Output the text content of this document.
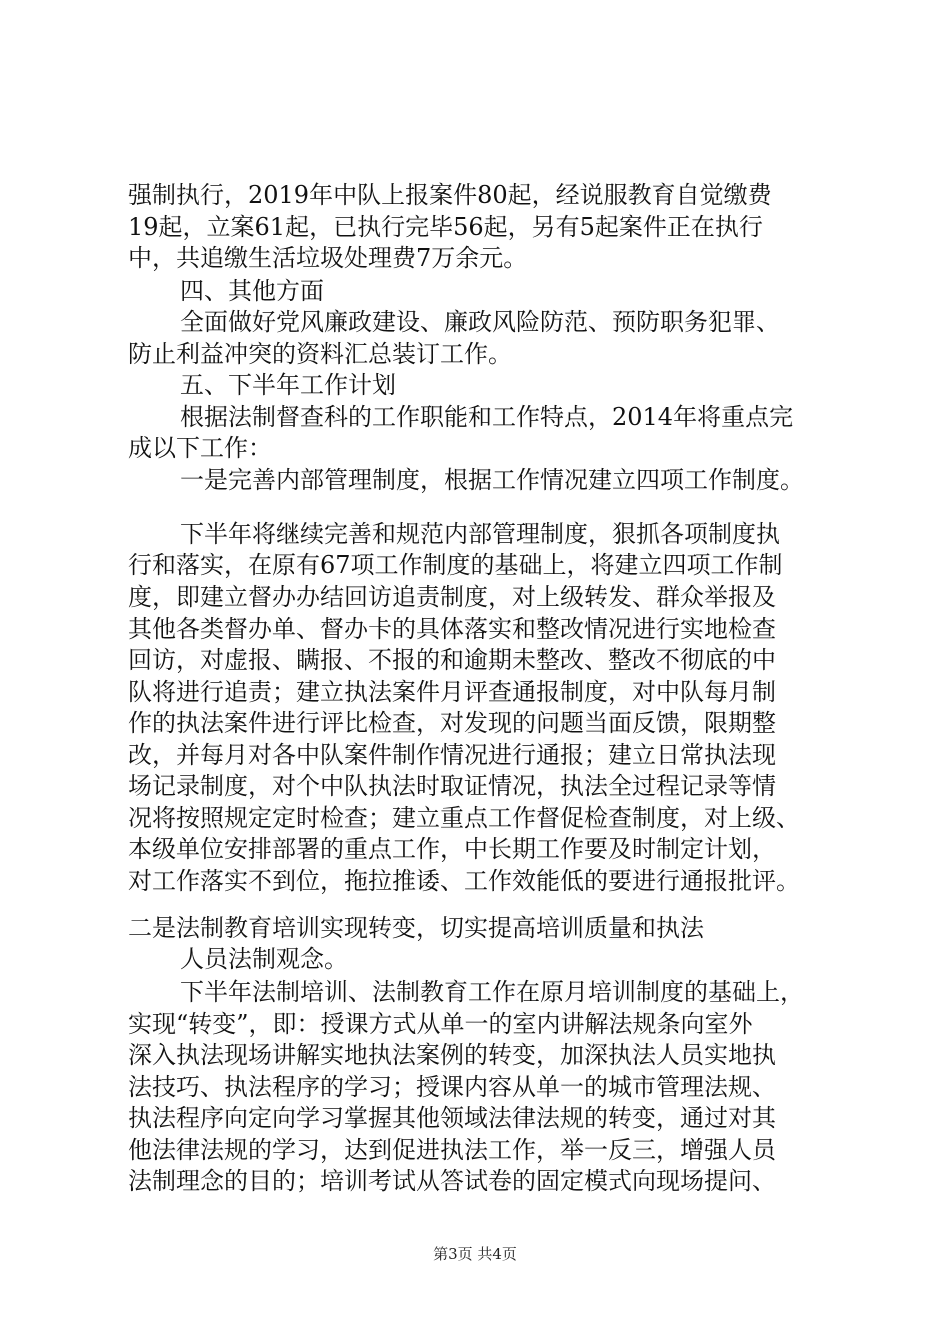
强制执行，2019年中队上报案件80起，经说服教育自觉缴费
19起，立案61起，已执行完毕56起，另有5起案件正在执行
中，共追缴生活垃圾处理费7万余元。
四、其他方面
全面做好党风廉政建设、廉政风险防范、预防职务犯罪、
防止利益冲突的资料汇总装订工作。
五、下半年工作计划
根据法制督查科的工作职能和工作特点，2014年将重点完
成以下工作：
一是完善内部管理制度，根据工作情况建立四项工作制度。
下半年将继续完善和规范内部管理制度，狠抓各项制度执
行和落实，在原有67项工作制度的基础上，将建立四项工作制
度，即建立督办办结回访追责制度，对上级转发、群众举报及
其他各类督办单、督办卡的具体落实和整改情况进行实地检查
回访，对虚报、瞒报、不报的和逾期未整改、整改不彻底的中
队将进行追责；建立执法案件月评查通报制度，对中队每月制
作的执法案件进行评比检查，对发现的问题当面反馈，限期整
改，并每月对各中队案件制作情况进行通报；建立日常执法现
场记录制度，对个中队执法时取证情况，执法全过程记录等情
况将按照规定定时检查；建立重点工作督促检查制度，对上级、
本级单位安排部署的重点工作，中长期工作要及时制定计划，
对工作落实不到位，拖拉推诿、工作效能低的要进行通报批评。
二是法制教育培训实现转变，切实提高培训质量和执法
人员法制观念。
下半年法制培训、法制教育工作在原月培训制度的基础上，
实现“转变”，即：授课方式从单一的室内讲解法规条向室外
深入执法现场讲解实地执法案例的转变，加深执法人员实地执
法技巧、执法程序的学习；授课内容从单一的城市管理法规、
执法程序向定向学习掌握其他领域法律法规的转变，通过对其
他法律法规的学习，达到促进执法工作，举一反三，增强人员
法制理念的目的；培训考试从答试卷的固定模式向现场提问、
第3页 共4页
